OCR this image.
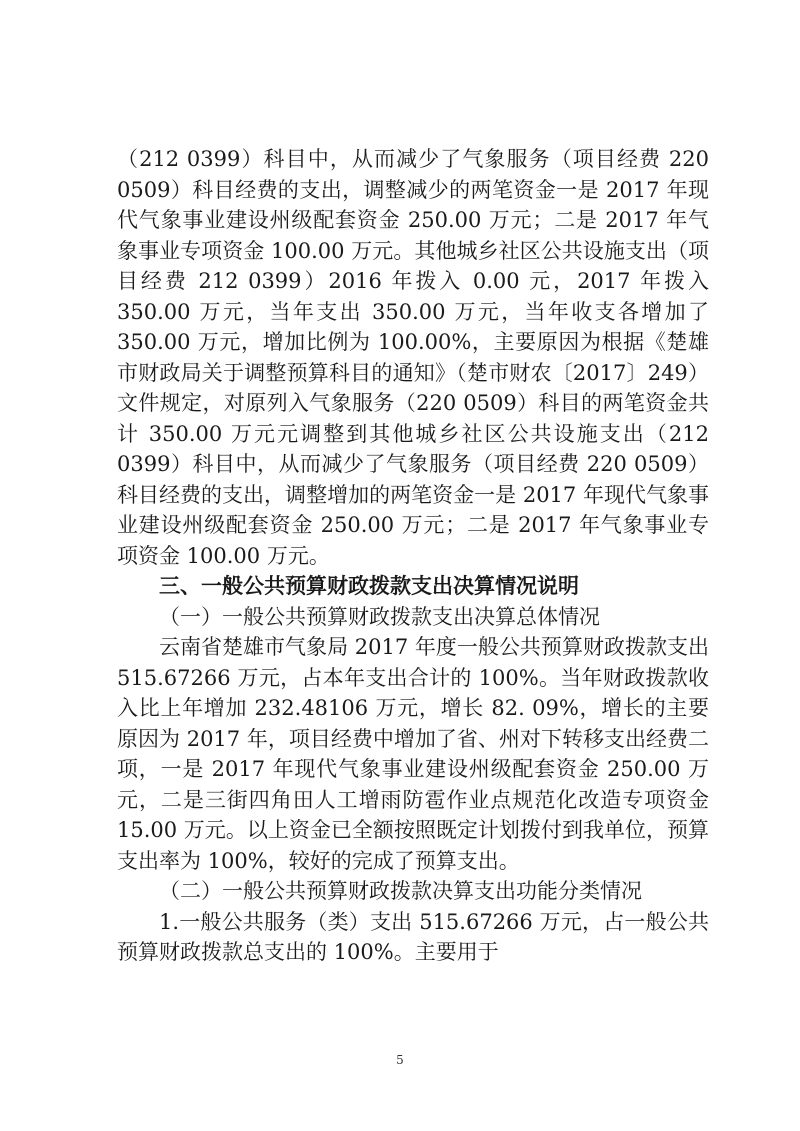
（212 0399）科目中，从而减少了气象服务（项目经费 220 0509）科目经费的支出，调整减少的两笔资金一是 2017 年现代气象事业建设州级配套资金 250.00 万元；二是 2017 年气象事业专项资金 100.00 万元。其他城乡社区公共设施支出（项目经费 212 0399）2016 年拨入 0.00 元，2017 年拨入 350.00 万元，当年支出 350.00 万元，当年收支各增加了 350.00 万元，增加比例为 100.00%，主要原因为根据《楚雄市财政局关于调整预算科目的通知》（楚市财农〔2017〕249）文件规定，对原列入气象服务（220 0509）科目的两笔资金共计 350.00 万元元调整到其他城乡社区公共设施支出（212 0399）科目中，从而减少了气象服务（项目经费 220 0509）科目经费的支出，调整增加的两笔资金一是 2017 年现代气象事业建设州级配套资金 250.00 万元；二是 2017 年气象事业专项资金 100.00 万元。

三、一般公共预算财政拨款支出决算情况说明

（一）一般公共预算财政拨款支出决算总体情况

云南省楚雄市气象局 2017 年度一般公共预算财政拨款支出 515.67266 万元，占本年支出合计的 100%。当年财政拨款收入比上年增加 232.48106 万元，增长 82. 09%，增长的主要原因为 2017 年，项目经费中增加了省、州对下转移支出经费二项，一是 2017 年现代气象事业建设州级配套资金 250.00 万元，二是三街四角田人工增雨防雹作业点规范化改造专项资金 15.00 万元。以上资金已全额按照既定计划拨付到我单位，预算支出率为 100%，较好的完成了预算支出。

（二）一般公共预算财政拨款决算支出功能分类情况

1.一般公共服务（类）支出 515.67266 万元，占一般公共预算财政拨款总支出的 100%。主要用于

5
